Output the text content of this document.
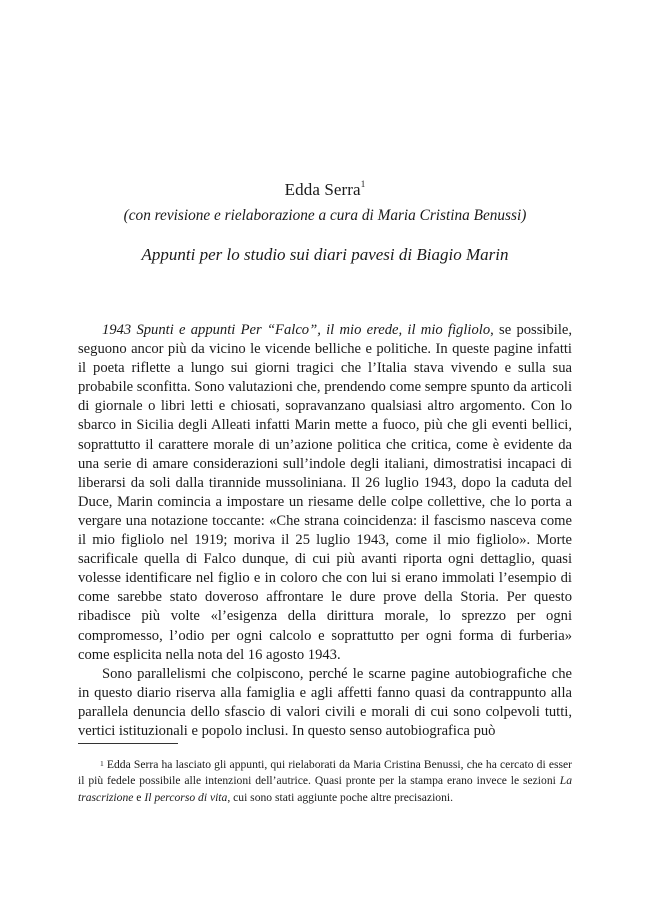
Edda Serra$^1$
(con revisione e rielaborazione a cura di Maria Cristina Benussi)
Appunti per lo studio sui diari pavesi di Biagio Marin

1943 Spunti e appunti Per “Falco”, il mio erede, il mio figliolo, se possibile, seguono ancor più da vicino le vicende belliche e politiche. In queste pagine infatti il poeta riflette a lungo sui giorni tragici che l’Italia stava vivendo e sulla sua probabile sconfitta. Sono valutazioni che, prendendo come sempre spunto da articoli di giornale o libri letti e chiosati, sopravanzano qualsiasi altro argomento. Con lo sbarco in Sicilia degli Alleati infatti Marin mette a fuoco, più che gli eventi bellici, soprattutto il carattere morale di un’azione politica che critica, come è evidente da una serie di amare considerazioni sull’indole degli italiani, dimostratisi incapaci di liberarsi da soli dalla tirannide mussoliniana. Il 26 luglio 1943, dopo la caduta del Duce, Marin comincia a impostare un riesame delle colpe collettive, che lo porta a vergare una notazione toccante: «Che strana coincidenza: il fascismo nasceva come il mio figliolo nel 1919; moriva il 25 luglio 1943, come il mio figliolo». Morte sacrificale quella di Falco dunque, di cui più avanti riporta ogni dettaglio, quasi volesse identificare nel figlio e in coloro che con lui si erano immolati l’esempio di come sarebbe stato doveroso affrontare le dure prove della Storia. Per questo ribadisce più volte «l’esigenza della dirittura morale, lo sprezzo per ogni compromesso, l’odio per ogni calcolo e soprattutto per ogni forma di furberia» come esplicita nella nota del 16 agosto 1943.

Sono parallelismi che colpiscono, perché le scarne pagine autobiografiche che in questo diario riserva alla famiglia e agli affetti fanno quasi da contrappunto alla parallela denuncia dello sfascio di valori civili e morali di cui sono colpevoli tutti, vertici istituzionali e popolo inclusi. In questo senso autobiografica può

$^1$ Edda Serra ha lasciato gli appunti, qui rielaborati da Maria Cristina Benussi, che ha cercato di esser il più fedele possibile alle intenzioni dell’autrice. Quasi pronte per la stampa erano invece le sezioni La trascrizione e Il percorso di vita, cui sono stati aggiunte poche altre precisazioni.
